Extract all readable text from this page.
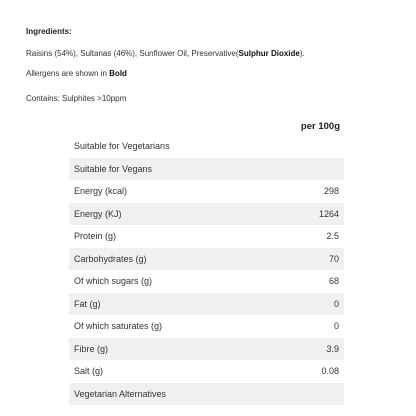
Ingredients:
Raisins (54%), Sultanas (46%), Sunflower Oil, Preservative(Sulphur Dioxide).
Allergens are shown in Bold
Contains: Sulphites >10ppm
per 100g
Suitable for Vegetarians
Suitable for Vegans
Energy (kcal)	298
Energy (KJ)	1264
Protein (g)	2.5
Carbohydrates (g)	70
Of which sugars (g)	68
Fat (g)	0
Of which saturates (g)	0
Fibre (g)	3.9
Salt (g)	0.08
Vegetarian Alternatives
